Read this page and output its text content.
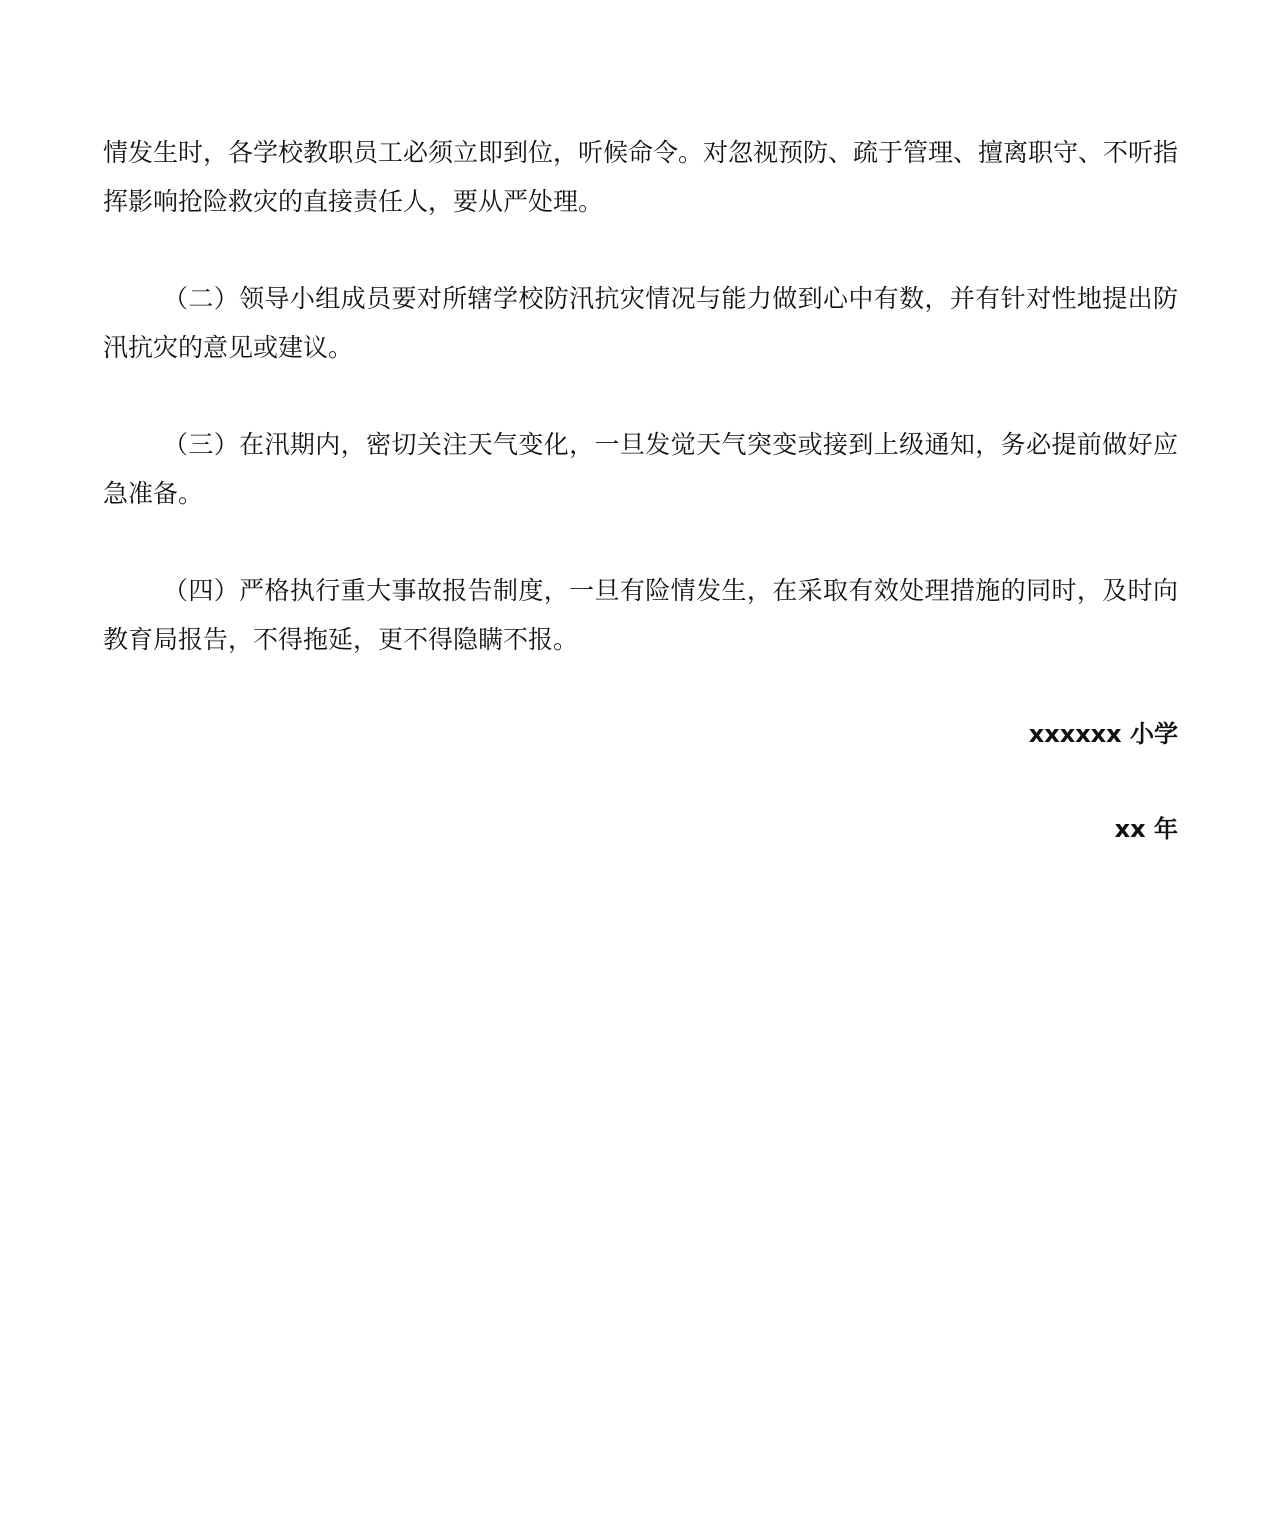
情发生时，各学校教职员工必须立即到位，听候命令。对忽视预防、疏于管理、擅离职守、不听指挥影响抢险救灾的直接责任人，要从严处理。

（二）领导小组成员要对所辖学校防汛抗灾情况与能力做到心中有数，并有针对性地提出防汛抗灾的意见或建议。

（三）在汛期内，密切关注天气变化，一旦发觉天气突变或接到上级通知，务必提前做好应急准备。

（四）严格执行重大事故报告制度，一旦有险情发生，在采取有效处理措施的同时，及时向教育局报告，不得拖延，更不得隐瞒不报。

xxxxxx 小学
xx 年
